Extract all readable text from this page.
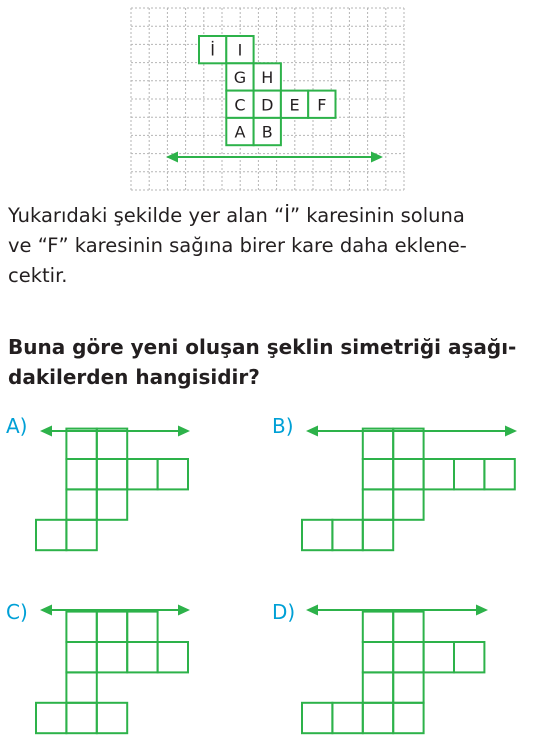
İ I
G H
C D E F
A B
Yukarıdaki şekilde yer alan “İ” karesinin soluna
ve “F” karesinin sağına birer kare daha eklene-
cektir.
Buna göre yeni oluşan şeklin simetriği aşağı-
dakilerden hangisidir?
A)	B)
C)	D)
